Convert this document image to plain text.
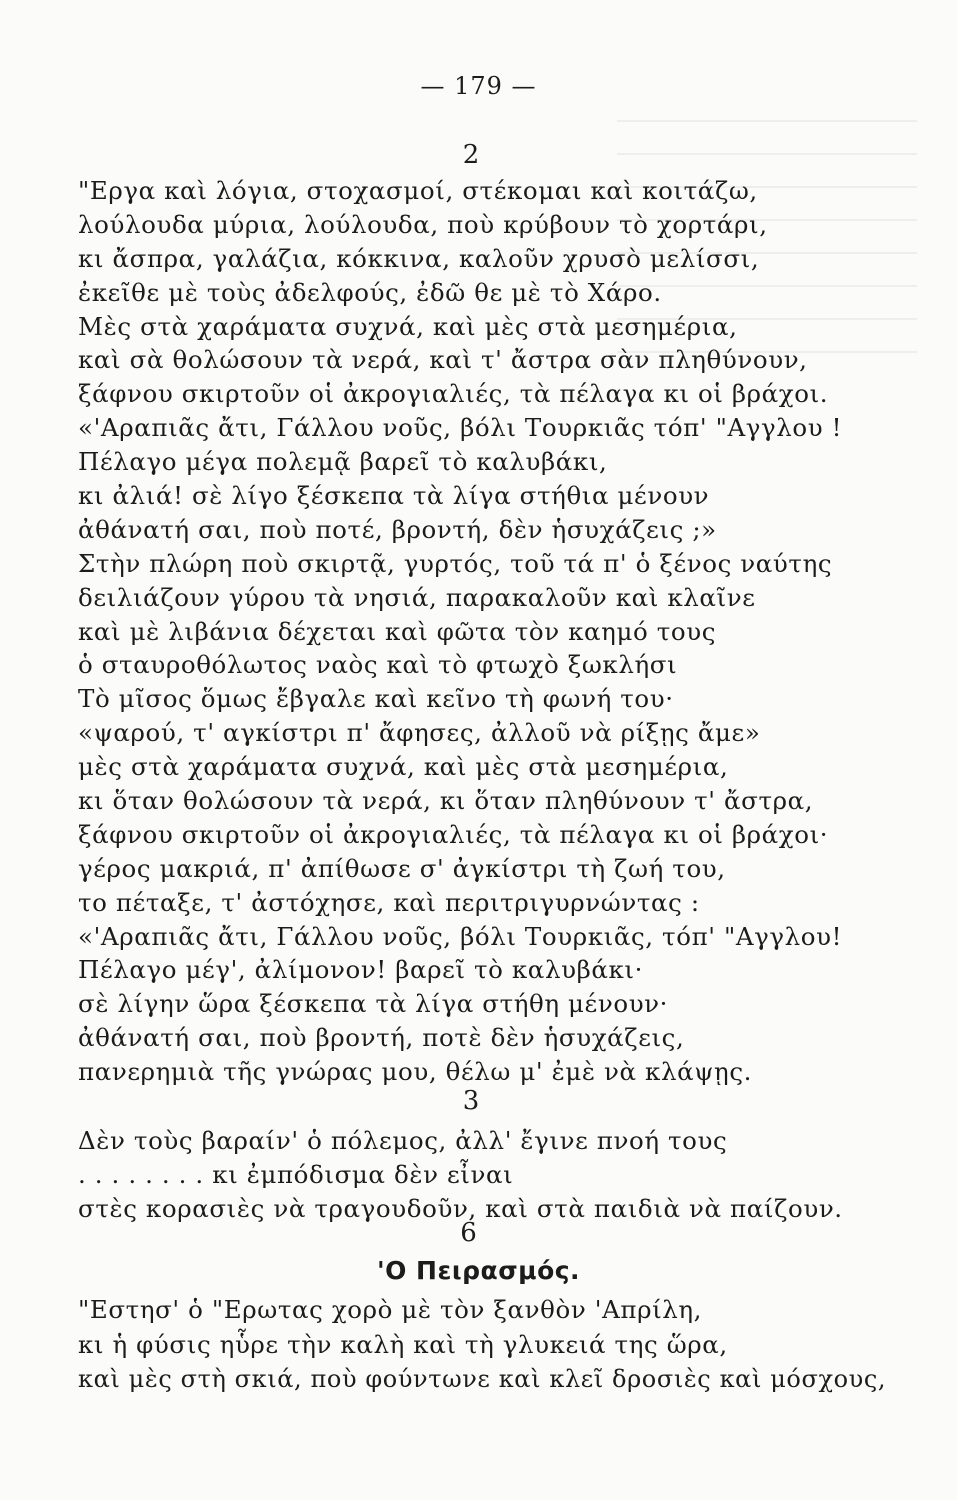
— 179 —
2
"Εργα καὶ λόγια, στοχασμοί, στέκομαι καὶ κοιτάζω,
λούλουδα μύρια, λούλουδα, ποὺ κρύβουν τὸ χορτάρι,
κι ἄσπρα, γαλάζια, κόκκινα, καλοῦν χρυσὸ μελίσσι,
ἐκεῖθε μὲ τοὺς ἀδελφούς, ἐδῶ θε μὲ τὸ Χάρο.
Μὲς στὰ χαράματα συχνά, καὶ μὲς στὰ μεσημέρια,
καὶ σὰ θολώσουν τὰ νερά, καὶ τ' ἄστρα σὰν πληθύνουν,
ξάφνου σκιρτοῦν οἱ ἀκρογιαλιές, τὰ πέλαγα κι οἱ βράχοι.
«'Αραπιᾶς ἄτι, Γάλλου νοῦς, βόλι Τουρκιᾶς τόπ' "Αγγλου !
Πέλαγο μέγα πολεμᾷ βαρεῖ τὸ καλυβάκι,
κι ἀλιά! σὲ λίγο ξέσκεπα τὰ λίγα στήθια μένουν
ἀθάνατή σαι, ποὺ ποτέ, βροντή, δὲν ἡσυχάζεις ;»
Στὴν πλώρη ποὺ σκιρτᾷ, γυρτός, τοῦ τά π' ὁ ξένος ναύτης
δειλιάζουν γύρου τὰ νησιά, παρακαλοῦν καὶ κλαῖνε
καὶ μὲ λιβάνια δέχεται καὶ φῶτα τὸν καημό τους
ὁ σταυροθόλωτος ναὸς καὶ τὸ φτωχὸ ξωκλήσι
Τὸ μῖσος ὅμως ἔβγαλε καὶ κεῖνο τὴ φωνή του·
«ψαρού, τ' αγκίστρι π' ἄφησες, ἀλλοῦ νὰ ρίξῃς ἄμε»
μὲς στὰ χαράματα συχνά, καὶ μὲς στὰ μεσημέρια,
κι ὅταν θολώσουν τὰ νερά, κι ὅταν πληθύνουν τ' ἄστρα,
ξάφνου σκιρτοῦν οἱ ἀκρογιαλιές, τὰ πέλαγα κι οἱ βράχοι·
γέρος μακριά, π' ἀπίθωσε σ' ἀγκίστρι τὴ ζωή του,
το πέταξε, τ' ἀστόχησε, καὶ περιτριγυρνώντας :
«'Αραπιᾶς ἄτι, Γάλλου νοῦς, βόλι Τουρκιᾶς, τόπ' "Αγγλου!
Πέλαγο μέγ', ἀλίμονον! βαρεῖ τὸ καλυβάκι·
σὲ λίγην ὥρα ξέσκεπα τὰ λίγα στήθη μένουν·
ἀθάνατή σαι, ποὺ βροντή, ποτὲ δὲν ἡσυχάζεις,
πανερημιὰ τῆς γνώρας μου, θέλω μ' ἐμὲ νὰ κλάψῃς.
3
Δὲν τοὺς βαραίν' ὁ πόλεμος, ἀλλ' ἔγινε πνοή τους
. . . . . . . . κι ἐμπόδισμα δὲν εἶναι
στὲς κορασιὲς νὰ τραγουδοῦν, καὶ στὰ παιδιὰ νὰ παίζουν.
6
'Ο Πειρασμός.
"Εστησ' ὁ "Ερωτας χορὸ μὲ τὸν ξανθὸν 'Απρίλη,
κι ἡ φύσις ηὗρε τὴν καλὴ καὶ τὴ γλυκειά της ὥρα,
καὶ μὲς στὴ σκιά, ποὺ φούντωνε καὶ κλεῖ δροσιὲς καὶ μόσχους,
